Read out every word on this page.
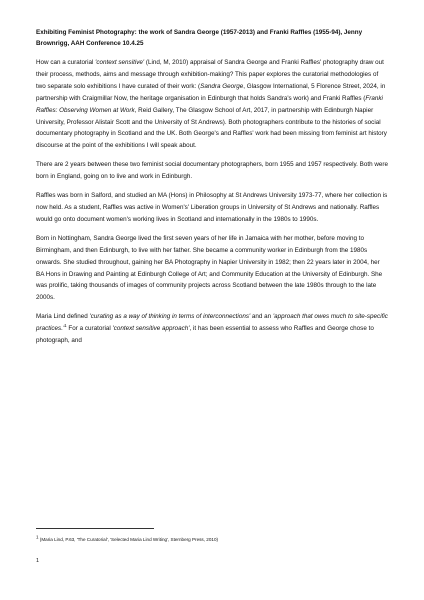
Exhibiting Feminist Photography: the work of Sandra George (1957-2013) and Franki Raffles (1955-94), Jenny Brownrigg, AAH Conference 10.4.25

How can a curatorial 'context sensitive' (Lind, M, 2010) appraisal of Sandra George and Franki Raffles' photography draw out their process, methods, aims and message through exhibition-making? This paper explores the curatorial methodologies of two separate solo exhibitions I have curated of their work: (Sandra George, Glasgow International, 5 Florence Street, 2024, in partnership with Craigmillar Now, the heritage organisation in Edinburgh that holds Sandra's work) and Franki Raffles (Franki Raffles: Observing Women at Work, Reid Gallery, The Glasgow School of Art, 2017, in partnership with Edinburgh Napier University, Professor Alistair Scott and the University of St Andrews). Both photographers contribute to the histories of social documentary photography in Scotland and the UK. Both George's and Raffles' work had been missing from feminist art history discourse at the point of the exhibitions I will speak about.

There are 2 years between these two feminist social documentary photographers, born 1955 and 1957 respectively. Both were born in England, going on to live and work in Edinburgh.

Raffles was born in Salford, and studied an MA (Hons) in Philosophy at St Andrews University 1973-77, where her collection is now held. As a student, Raffles was active in Women's' Liberation groups in University of St Andrews and nationally. Raffles would go onto document women's working lives in Scotland and internationally in the 1980s to 1990s.

Born in Nottingham, Sandra George lived the first seven years of her life in Jamaica with her mother, before moving to Birmingham, and then Edinburgh, to live with her father. She became a community worker in Edinburgh from the 1980s onwards. She studied throughout, gaining her BA Photography in Napier University in 1982; then 22 years later in 2004, her BA Hons in Drawing and Painting at Edinburgh College of Art; and Community Education at the University of Edinburgh. She was prolific, taking thousands of images of community projects across Scotland between the late 1980s through to the late 2000s.

Maria Lind defined 'curating as a way of thinking in terms of interconnections' and an 'approach that owes much to site-specific $practices.'^1$ For a curatorial 'context sensitive approach', it has been essential to assess who Raffles and George chose to photograph, and

$^1$ (Maria Lind, P.63, 'The Curatorial', 'Selected Maria Lind Writing', Sternberg Press, 2010)
1
